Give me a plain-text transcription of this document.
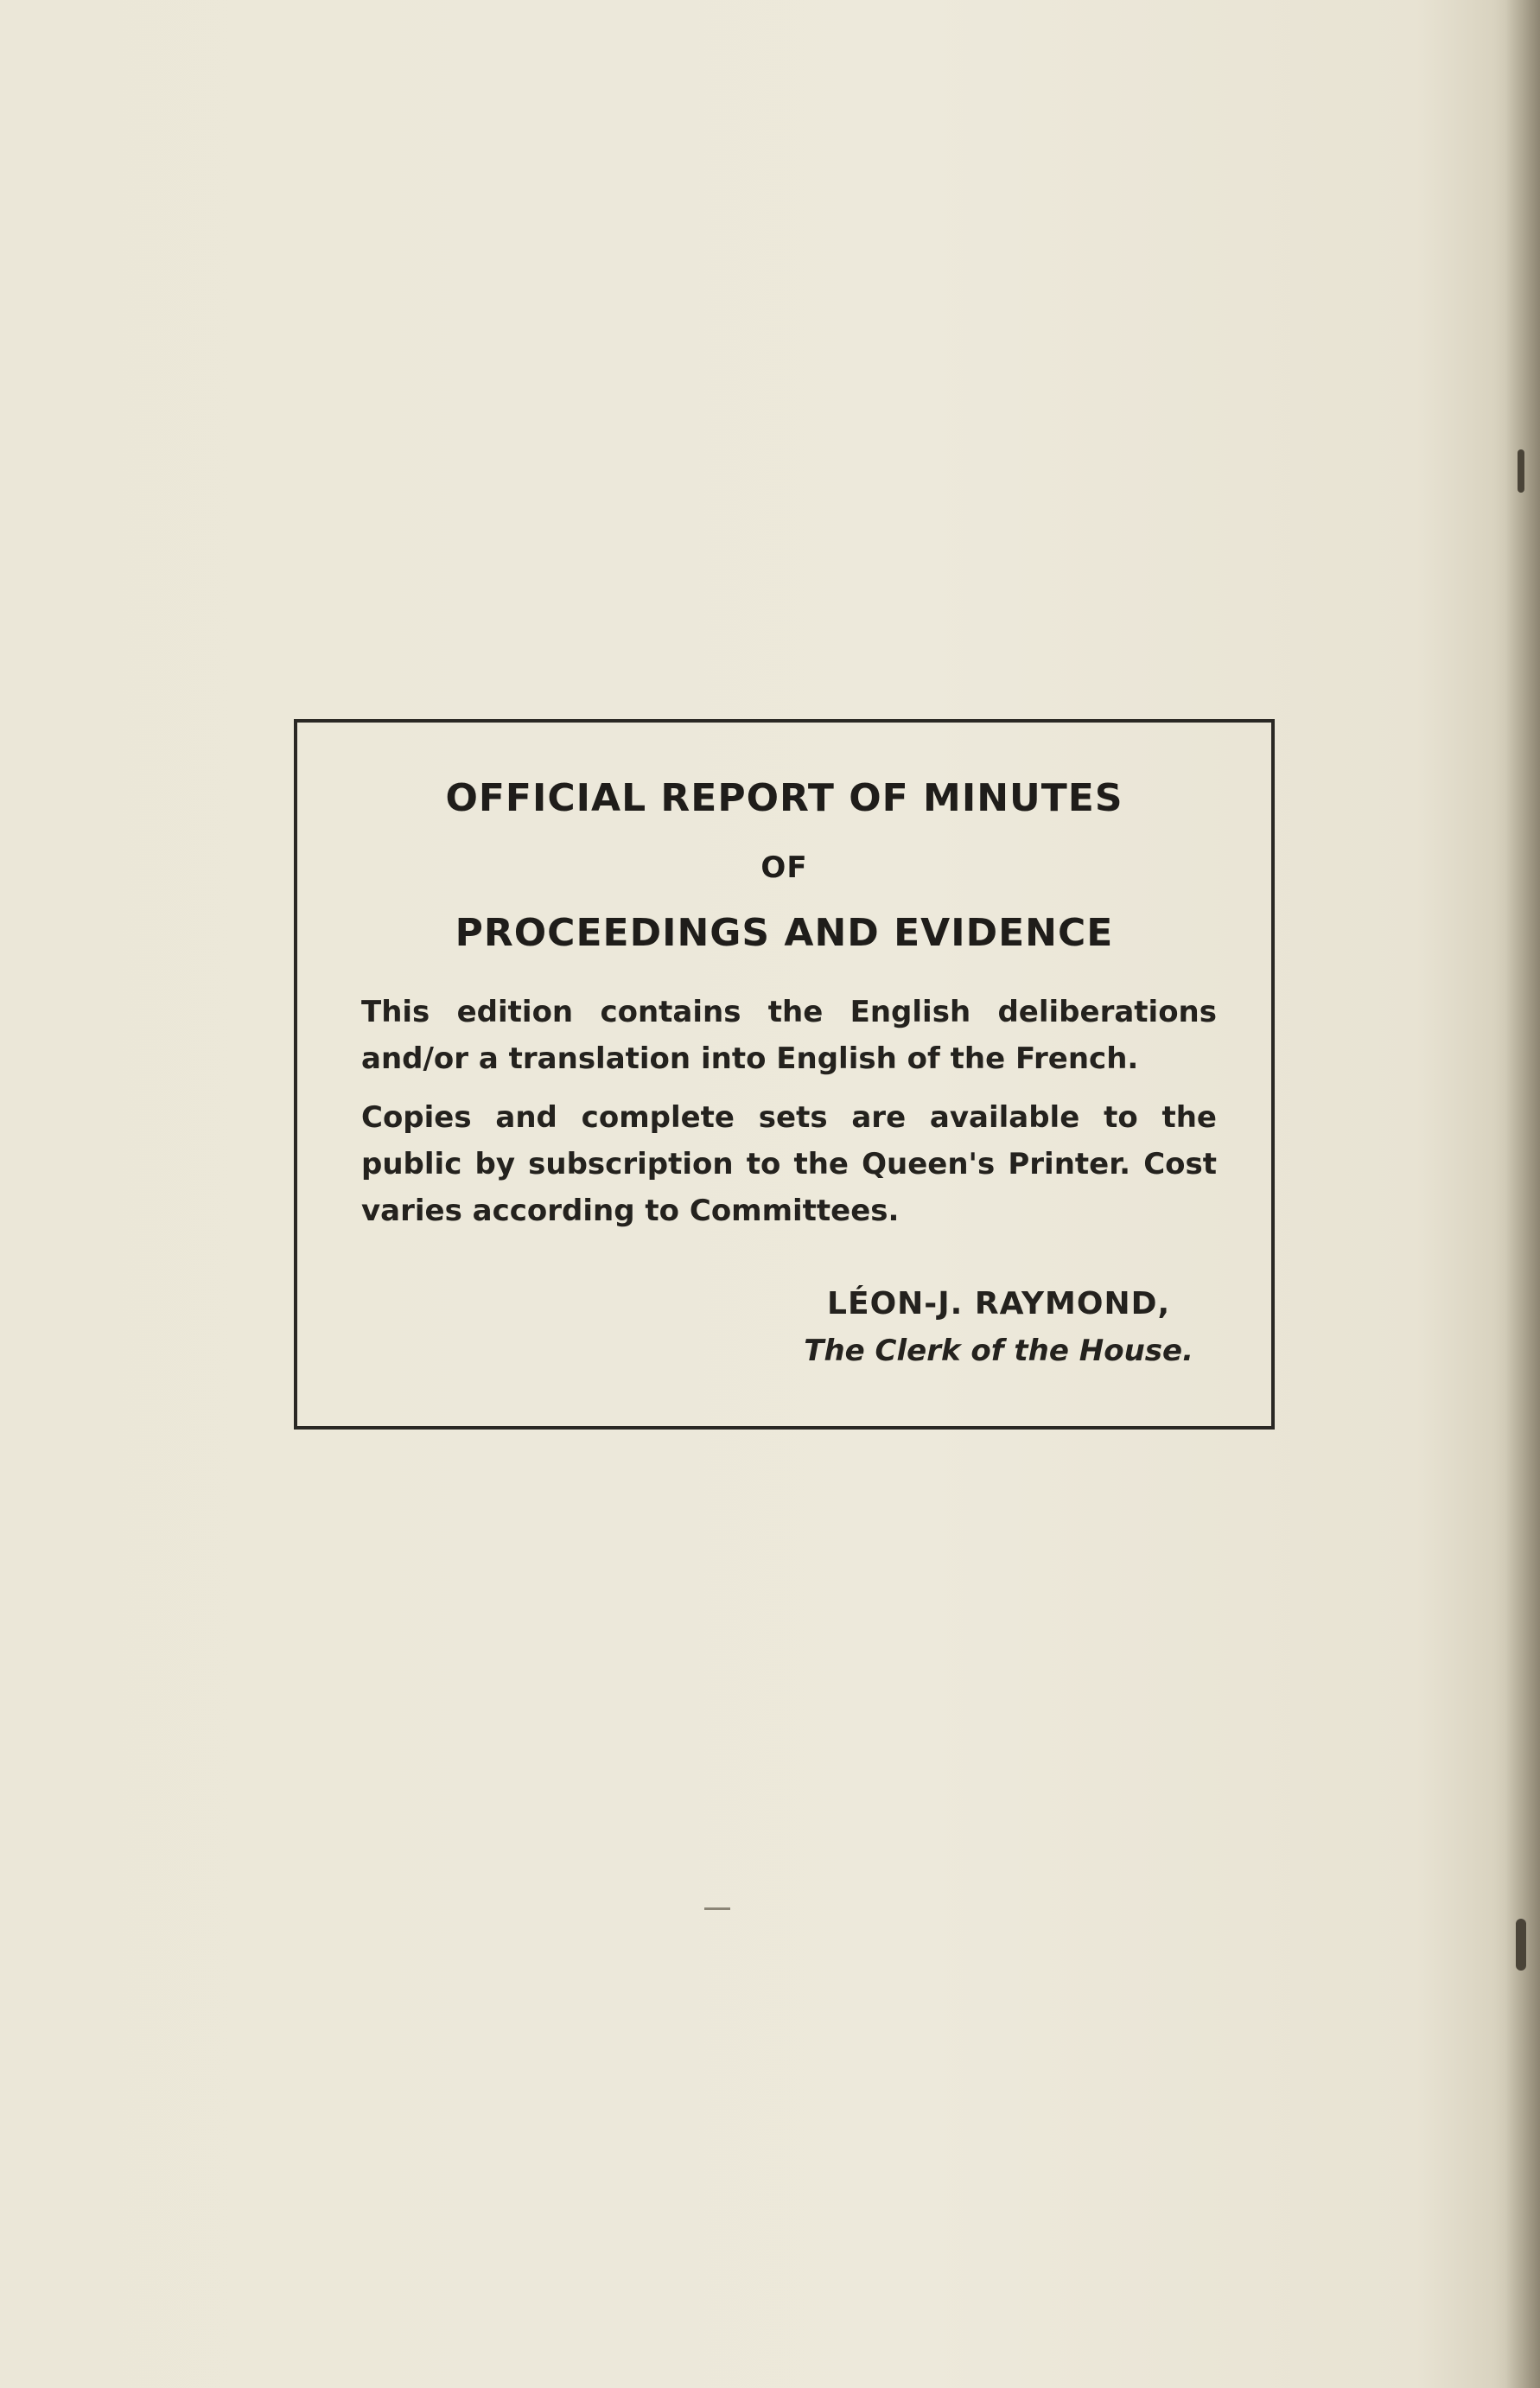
OFFICIAL REPORT OF MINUTES
OF
PROCEEDINGS AND EVIDENCE
This edition contains the English deliberations and/or a translation into English of the French.
Copies and complete sets are available to the public by subscription to the Queen's Printer. Cost varies according to Committees.
LÉON-J. RAYMOND,
The Clerk of the House.
